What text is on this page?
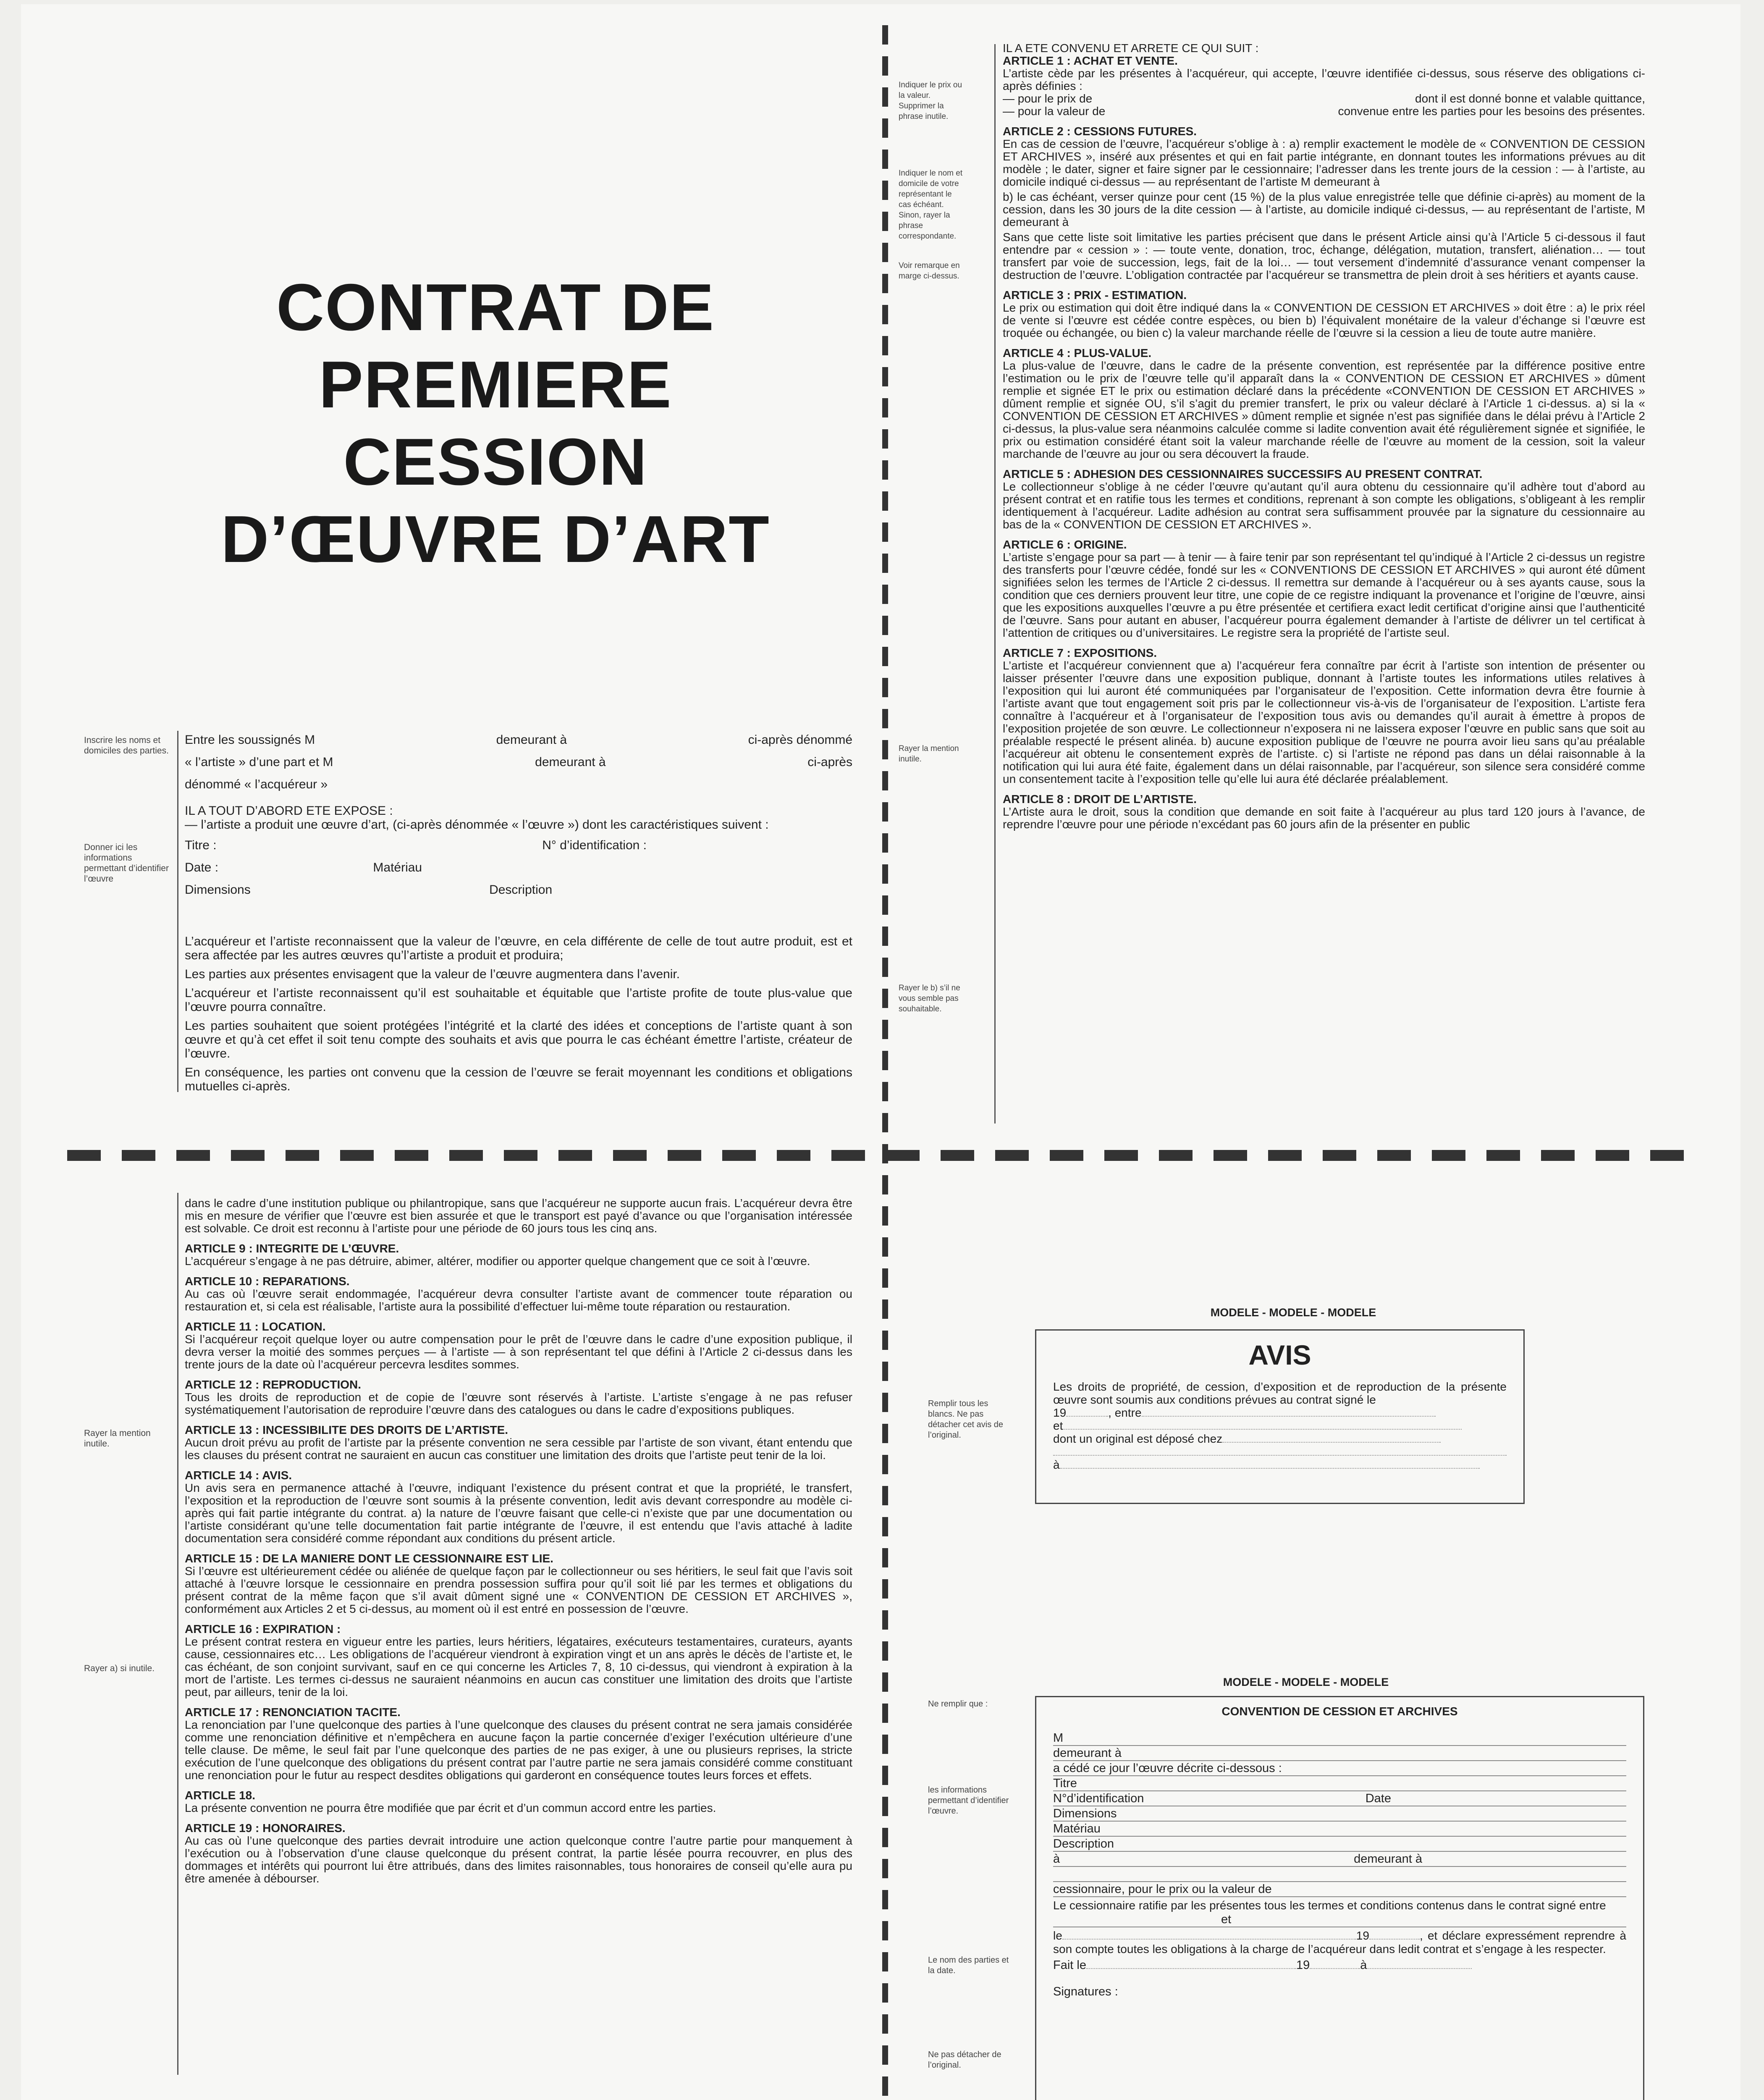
CONTRAT DE
PREMIERE
CESSION
D’ŒUVRE D’ART
Inscrire les noms et domiciles des parties.
Donner ici les informations permettant d’identifier l’œuvre
Entre les soussignés M	demeurant à	ci-après dénommé
« l’artiste » d’une part et M	demeurant à	ci-après

dénommé « l’acquéreur »

IL A TOUT D’ABORD ETE EXPOSE :

— l’artiste a produit une œuvre d’art, (ci-après dénommée « l’œuvre ») dont les caractéristiques suivent :

Titre :	N° d’identification :
Date :	Matériau
Dimensions	Description

L’acquéreur et l’artiste reconnaissent que la valeur de l’œuvre, en cela différente de celle de tout autre produit, est et sera affectée par les autres œuvres qu’l’artiste a produit et produira;

Les parties aux présentes envisagent que la valeur de l’œuvre augmentera dans l’avenir.

L’acquéreur et l’artiste reconnaissent qu’il est souhaitable et équitable que l’artiste profite de toute plus-value que l’œuvre pourra connaître.

Les parties souhaitent que soient protégées l’intégrité et la clarté des idées et conceptions de l’artiste quant à son œuvre et qu’à cet effet il soit tenu compte des souhaits et avis que pourra le cas échéant émettre l’artiste, créateur de l’œuvre.

En conséquence, les parties ont convenu que la cession de l’œuvre se ferait moyennant les conditions et obligations mutuelles ci-après.

Indiquer le prix ou la valeur. Supprimer la phrase inutile.
Indiquer le nom et domicile de votre représentant le cas échéant. Sinon, rayer la phrase correspondante.
Voir remarque en marge ci-dessus.
Rayer la mention inutile.
Rayer le b) s’il ne vous semble pas souhaitable.
IL A ETE CONVENU ET ARRETE CE QUI SUIT :
ARTICLE 1 : ACHAT ET VENTE.
L’artiste cède par les présentes à l’acquéreur, qui accepte, l’œuvre identifiée ci-dessus, sous réserve des obligations ci-après définies :
— pour le prix de	dont il est donné bonne et valable quittance,
— pour la valeur de	convenue entre les parties pour les besoins des présentes.
ARTICLE 2 : CESSIONS FUTURES.
En cas de cession de l’œuvre, l’acquéreur s’oblige à : a) remplir exactement le modèle de « CONVENTION DE CESSION ET ARCHIVES », inséré aux présentes et qui en fait partie intégrante, en donnant toutes les informations prévues au dit modèle ; le dater, signer et faire signer par le cessionnaire; l’adresser dans les trente jours de la cession : — à l’artiste, au domicile indiqué ci-dessus — au représentant de l’artiste M demeurant à
b) le cas échéant, verser quinze pour cent (15 %) de la plus value enregistrée telle que définie ci-après) au moment de la cession, dans les 30 jours de la dite cession — à l’artiste, au domicile indiqué ci-dessus, — au représentant de l’artiste, M demeurant à
Sans que cette liste soit limitative les parties précisent que dans le présent Article ainsi qu’à l’Article 5 ci-dessous il faut entendre par « cession » : — toute vente, donation, troc, échange, délégation, mutation, transfert, aliénation… — tout transfert par voie de succession, legs, fait de la loi… — tout versement d’indemnité d’assurance venant compenser la destruction de l’œuvre. L’obligation contractée par l’acquéreur se transmettra de plein droit à ses héritiers et ayants cause.
ARTICLE 3 : PRIX - ESTIMATION.
Le prix ou estimation qui doit être indiqué dans la « CONVENTION DE CESSION ET ARCHIVES » doit être : a) le prix réel de vente si l’œuvre est cédée contre espèces, ou bien b) l’équivalent monétaire de la valeur d’échange si l’œuvre est troquée ou échangée, ou bien c) la valeur marchande réelle de l’œuvre si la cession a lieu de toute autre manière.
ARTICLE 4 : PLUS-VALUE.
La plus-value de l’œuvre, dans le cadre de la présente convention, est représentée par la différence positive entre l’estimation ou le prix de l’œuvre telle qu’il apparaît dans la « CONVENTION DE CESSION ET ARCHIVES » dûment remplie et signée ET le prix ou estimation déclaré dans la précédente «CONVENTION DE CESSION ET ARCHIVES » dûment remplie et signée OU, s’il s’agit du premier transfert, le prix ou valeur déclaré à l’Article 1 ci-dessus. a) si la « CONVENTION DE CESSION ET ARCHIVES » dûment remplie et signée n’est pas signifiée dans le délai prévu à l’Article 2 ci-dessus, la plus-value sera néanmoins calculée comme si ladite convention avait été régulièrement signée et signifiée, le prix ou estimation considéré étant soit la valeur marchande réelle de l’œuvre au moment de la cession, soit la valeur marchande de l’œuvre au jour ou sera découvert la fraude.
ARTICLE 5 : ADHESION DES CESSIONNAIRES SUCCESSIFS AU PRESENT CONTRAT.
Le collectionneur s’oblige à ne céder l’œuvre qu’autant qu’il aura obtenu du cessionnaire qu’il adhère tout d’abord au présent contrat et en ratifie tous les termes et conditions, reprenant à son compte les obligations, s’obligeant à les remplir identiquement à l’acquéreur. Ladite adhésion au contrat sera suffisamment prouvée par la signature du cessionnaire au bas de la « CONVENTION DE CESSION ET ARCHIVES ».
ARTICLE 6 : ORIGINE.
L’artiste s’engage pour sa part — à tenir — à faire tenir par son représentant tel qu’indiqué à l’Article 2 ci-dessus un registre des transferts pour l’œuvre cédée, fondé sur les « CONVENTIONS DE CESSION ET ARCHIVES » qui auront été dûment signifiées selon les termes de l’Article 2 ci-dessus. Il remettra sur demande à l’acquéreur ou à ses ayants cause, sous la condition que ces derniers prouvent leur titre, une copie de ce registre indiquant la provenance et l’origine de l’œuvre, ainsi que les expositions auxquelles l’œuvre a pu être présentée et certifiera exact ledit certificat d’origine ainsi que l’authenticité de l’œuvre. Sans pour autant en abuser, l’acquéreur pourra également demander à l’artiste de délivrer un tel certificat à l’attention de critiques ou d’universitaires. Le registre sera la propriété de l’artiste seul.
ARTICLE 7 : EXPOSITIONS.
L’artiste et l’acquéreur conviennent que a) l’acquéreur fera connaître par écrit à l’artiste son intention de présenter ou laisser présenter l’œuvre dans une exposition publique, donnant à l’artiste toutes les informations utiles relatives à l’exposition qui lui auront été communiquées par l’organisateur de l’exposition. Cette information devra être fournie à l’artiste avant que tout engagement soit pris par le collectionneur vis-à-vis de l’organisateur de l’exposition. L’artiste fera connaître à l’acquéreur et à l’organisateur de l’exposition tous avis ou demandes qu’il aurait à émettre à propos de l’exposition projetée de son œuvre. Le collectionneur n’exposera ni ne laissera exposer l’œuvre en public sans que soit au préalable respecté le présent alinéa. b) aucune exposition publique de l’œuvre ne pourra avoir lieu sans qu’au préalable l’acquéreur ait obtenu le consentement exprès de l’artiste. c) si l’artiste ne répond pas dans un délai raisonnable à la notification qui lui aura été faite, également dans un délai raisonnable, par l’acquéreur, son silence sera considéré comme un consentement tacite à l’exposition telle qu’elle lui aura été déclarée préalablement.
ARTICLE 8 : DROIT DE L’ARTISTE.
L’Artiste aura le droit, sous la condition que demande en soit faite à l’acquéreur au plus tard 120 jours à l’avance, de reprendre l’œuvre pour une période n’excédant pas 60 jours afin de la présenter en public
Rayer la mention inutile.
Rayer a) si inutile.
dans le cadre d’une institution publique ou philantropique, sans que l’acquéreur ne supporte aucun frais. L’acquéreur devra être mis en mesure de vérifier que l’œuvre est bien assurée et que le transport est payé d’avance ou que l’organisation intéressée est solvable. Ce droit est reconnu à l’artiste pour une période de 60 jours tous les cinq ans.
ARTICLE 9 : INTEGRITE DE L’ŒUVRE.
L’acquéreur s’engage à ne pas détruire, abimer, altérer, modifier ou apporter quelque changement que ce soit à l’œuvre.
ARTICLE 10 : REPARATIONS.
Au cas où l’œuvre serait endommagée, l’acquéreur devra consulter l’artiste avant de commencer toute réparation ou restauration et, si cela est réalisable, l’artiste aura la possibilité d’effectuer lui-même toute réparation ou restauration.
ARTICLE 11 : LOCATION.
Si l’acquéreur reçoit quelque loyer ou autre compensation pour le prêt de l’œuvre dans le cadre d’une exposition publique, il devra verser la moitié des sommes perçues — à l’artiste — à son représentant tel que défini à l’Article 2 ci-dessus dans les trente jours de la date où l’acquéreur percevra lesdites sommes.
ARTICLE 12 : REPRODUCTION.
Tous les droits de reproduction et de copie de l’œuvre sont réservés à l’artiste. L’artiste s’engage à ne pas refuser systématiquement l’autorisation de reproduire l’œuvre dans des catalogues ou dans le cadre d’expositions publiques.
ARTICLE 13 : INCESSIBILITE DES DROITS DE L’ARTISTE.
Aucun droit prévu au profit de l’artiste par la présente convention ne sera cessible par l’artiste de son vivant, étant entendu que les clauses du présent contrat ne sauraient en aucun cas constituer une limitation des droits que l’artiste peut tenir de la loi.
ARTICLE 14 : AVIS.
Un avis sera en permanence attaché à l’œuvre, indiquant l’existence du présent contrat et que la propriété, le transfert, l’exposition et la reproduction de l’œuvre sont soumis à la présente convention, ledit avis devant correspondre au modèle ci-après qui fait partie intégrante du contrat. a) la nature de l’œuvre faisant que celle-ci n’existe que par une documentation ou l’artiste considérant qu’une telle documentation fait partie intégrante de l’œuvre, il est entendu que l’avis attaché à ladite documentation sera considéré comme répondant aux conditions du présent article.
ARTICLE 15 : DE LA MANIERE DONT LE CESSIONNAIRE EST LIE.
Si l’œuvre est ultérieurement cédée ou aliénée de quelque façon par le collectionneur ou ses héritiers, le seul fait que l’avis soit attaché à l’œuvre lorsque le cessionnaire en prendra possession suffira pour qu’il soit lié par les termes et obligations du présent contrat de la même façon que s’il avait dûment signé une « CONVENTION DE CESSION ET ARCHIVES », conformément aux Articles 2 et 5 ci-dessus, au moment où il est entré en possession de l’œuvre.
ARTICLE 16 : EXPIRATION :
Le présent contrat restera en vigueur entre les parties, leurs héritiers, légataires, exécuteurs testamentaires, curateurs, ayants cause, cessionnaires etc… Les obligations de l’acquéreur viendront à expiration vingt et un ans après le décès de l’artiste et, le cas échéant, de son conjoint survivant, sauf en ce qui concerne les Articles 7, 8, 10 ci-dessus, qui viendront à expiration à la mort de l’artiste. Les termes ci-dessus ne sauraient néanmoins en aucun cas constituer une limitation des droits que l’artiste peut, par ailleurs, tenir de la loi.
ARTICLE 17 : RENONCIATION TACITE.
La renonciation par l’une quelconque des parties à l’une quelconque des clauses du présent contrat ne sera jamais considérée comme une renonciation définitive et n’empêchera en aucune façon la partie concernée d’exiger l’exécution ultérieure d’une telle clause. De même, le seul fait par l’une quelconque des parties de ne pas exiger, à une ou plusieurs reprises, la stricte exécution de l’une quelconque des obligations du présent contrat par l’autre partie ne sera jamais considéré comme constituant une renonciation pour le futur au respect desdites obligations qui garderont en conséquence toutes leurs forces et effets.
ARTICLE 18.
La présente convention ne pourra être modifiée que par écrit et d’un commun accord entre les parties.
ARTICLE 19 : HONORAIRES.
Au cas où l’une quelconque des parties devrait introduire une action quelconque contre l’autre partie pour manquement à l’exécution ou à l’observation d’une clause quelconque du présent contrat, la partie lésée pourra recouvrer, en plus des dommages et intérêts qui pourront lui être attribués, dans des limites raisonnables, tous honoraires de conseil qu’elle aura pu être amenée à débourser.
Remplir tous les blancs. Ne pas détacher cet avis de l’original.
MODELE - MODELE - MODELE
AVIS
Les droits de propriété, de cession, d’exposition et de reproduction de la présente œuvre sont soumis aux conditions prévues au contrat signé le
19	, entre
et
dont un original est déposé chez
à
Ne remplir que :
les informations permettant d’identifier l’œuvre.
Le nom des parties et la date.
Ne pas détacher de l’original.
MODELE - MODELE - MODELE
CONVENTION DE CESSION ET ARCHIVES
M
demeurant à
a cédé ce jour l’œuvre décrite ci-dessous :
Titre
N°d’identification	Date
Dimensions
Matériau
Description
à	demeurant à
cessionnaire, pour le prix ou la valeur de
Le cessionnaire ratifie par les présentes tous les termes et conditions contenus dans le contrat signé entre
et
le	19	, et déclare expressément reprendre à son compte toutes les obligations à la charge de l’acquéreur dans ledit contrat et s’engage à les respecter.
Fait le	19	à
Signatures :
